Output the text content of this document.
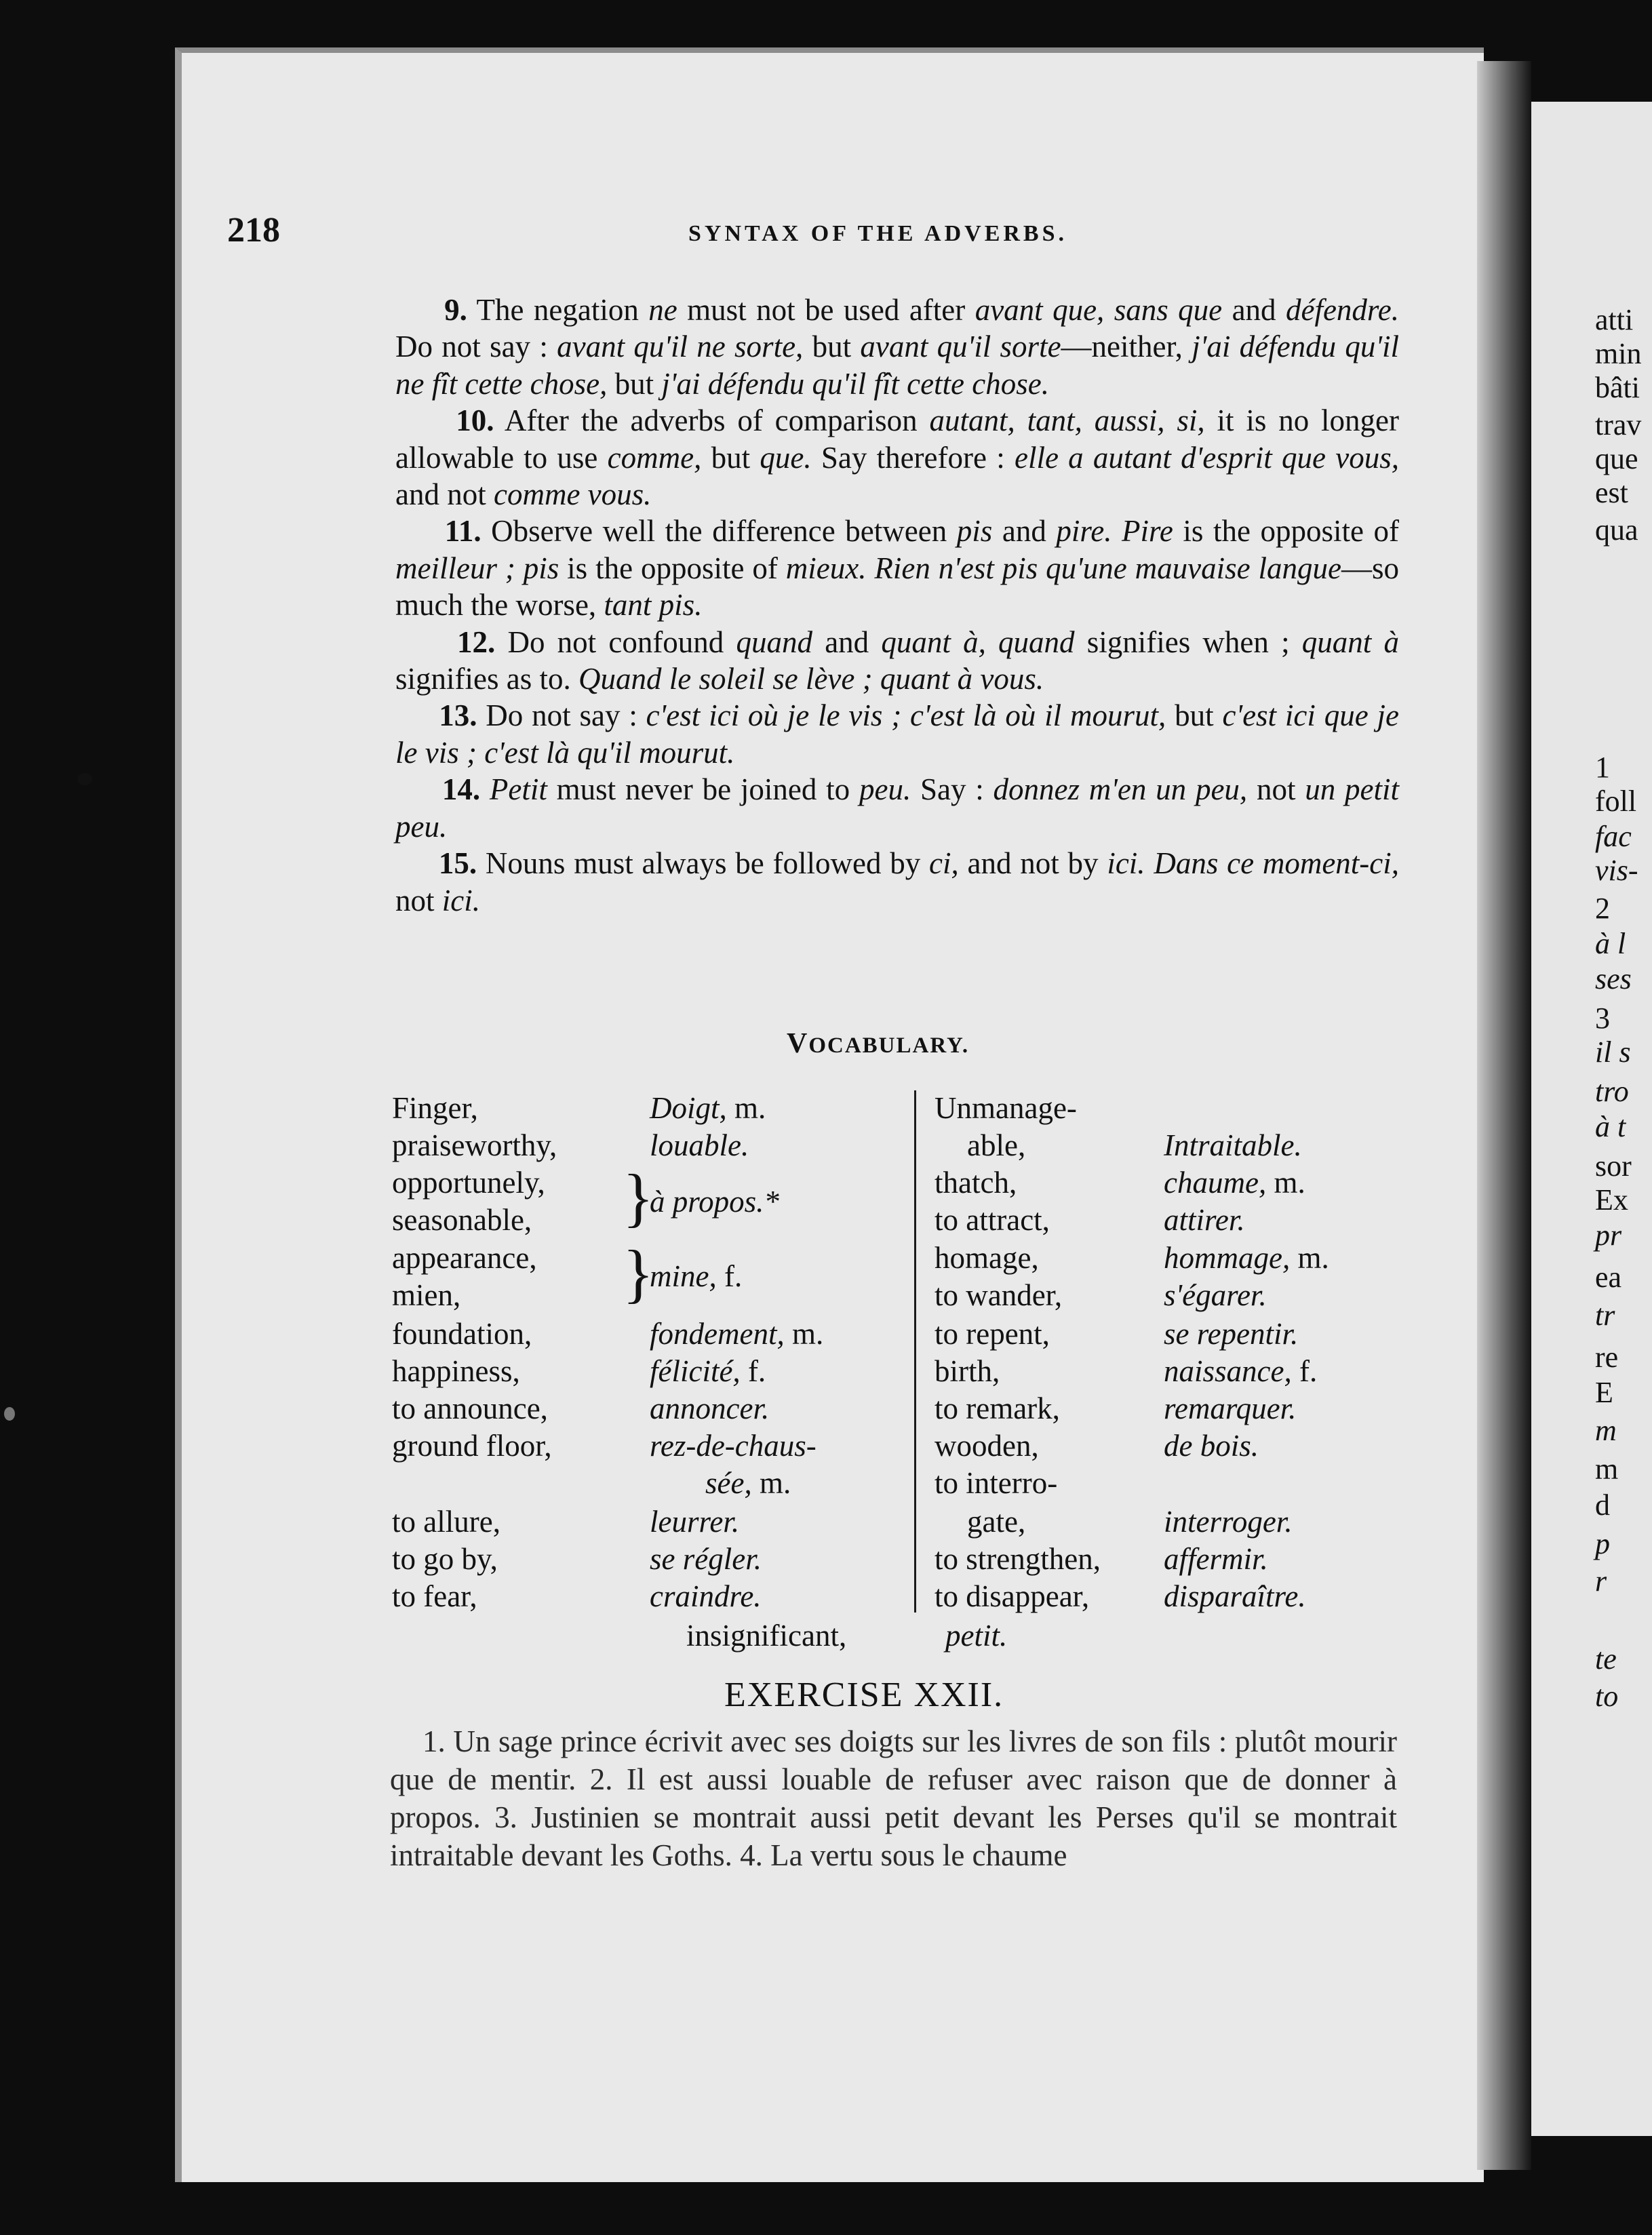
atti
min
bâti
trav
que
est
qua
1
foll
fac
vis-
2
à l
ses
3
il s
tro
à t
sor
Ex
pr
ea
tr
re
E
m
m
d
p
r
te
to
218	SYNTAX OF THE ADVERBS.

9. The negation ne must not be used after avant que, sans que and défendre. Do not say : avant qu'il ne sorte, but avant qu'il sorte—neither, j'ai défendu qu'il ne fît cette chose, but j'ai défendu qu'il fît cette chose.

10. After the adverbs of comparison autant, tant, aussi, si, it is no longer allowable to use comme, but que. Say therefore : elle a autant d'esprit que vous, and not comme vous.

11. Observe well the difference between pis and pire. Pire is the opposite of meilleur ; pis is the opposite of mieux. Rien n'est pis qu'une mauvaise langue—so much the worse, tant pis.

12. Do not confound quand and quant à, quand signifies when ; quant à signifies as to. Quand le soleil se lève ; quant à vous.

13. Do not say : c'est ici où je le vis ; c'est là où il mourut, but c'est ici que je le vis ; c'est là qu'il mourut.

14. Petit must never be joined to peu. Say : donnez m'en un peu, not un petit peu.

15. Nouns must always be followed by ci, and not by ici. Dans ce moment-ci, not ici.

VOCABULARY.
Finger,	Doigt, m.
praiseworthy,	louable.
opportunely,
seasonable,
à propos.*
appearance,
mien,
mine, f.
foundation,	fondement, m.
happiness,	félicité, f.
to announce,	annoncer.
ground floor,	rez-de-chaus-
sée, m.
to allure,	leurrer.
to go by,	se régler.
to fear,	craindre.
}
}
Unmanage-
able,	Intraitable.
thatch,	chaume, m.
to attract,	attirer.
homage,	hommage, m.
to wander,	s'égarer.
to repent,	se repentir.
birth,	naissance, f.
to remark,	remarquer.
wooden,	de bois.
to interro-
gate,	interroger.
to strengthen, affermir.
to disappear, disparaître.
insignificant,	petit.
EXERCISE XXII.

1. Un sage prince écrivit avec ses doigts sur les livres de son fils : plutôt mourir que de mentir. 2. Il est aussi louable de refuser avec raison que de donner à propos. 3. Justinien se montrait aussi petit devant les Perses qu'il se montrait intraitable devant les Goths. 4. La vertu sous le chaume
